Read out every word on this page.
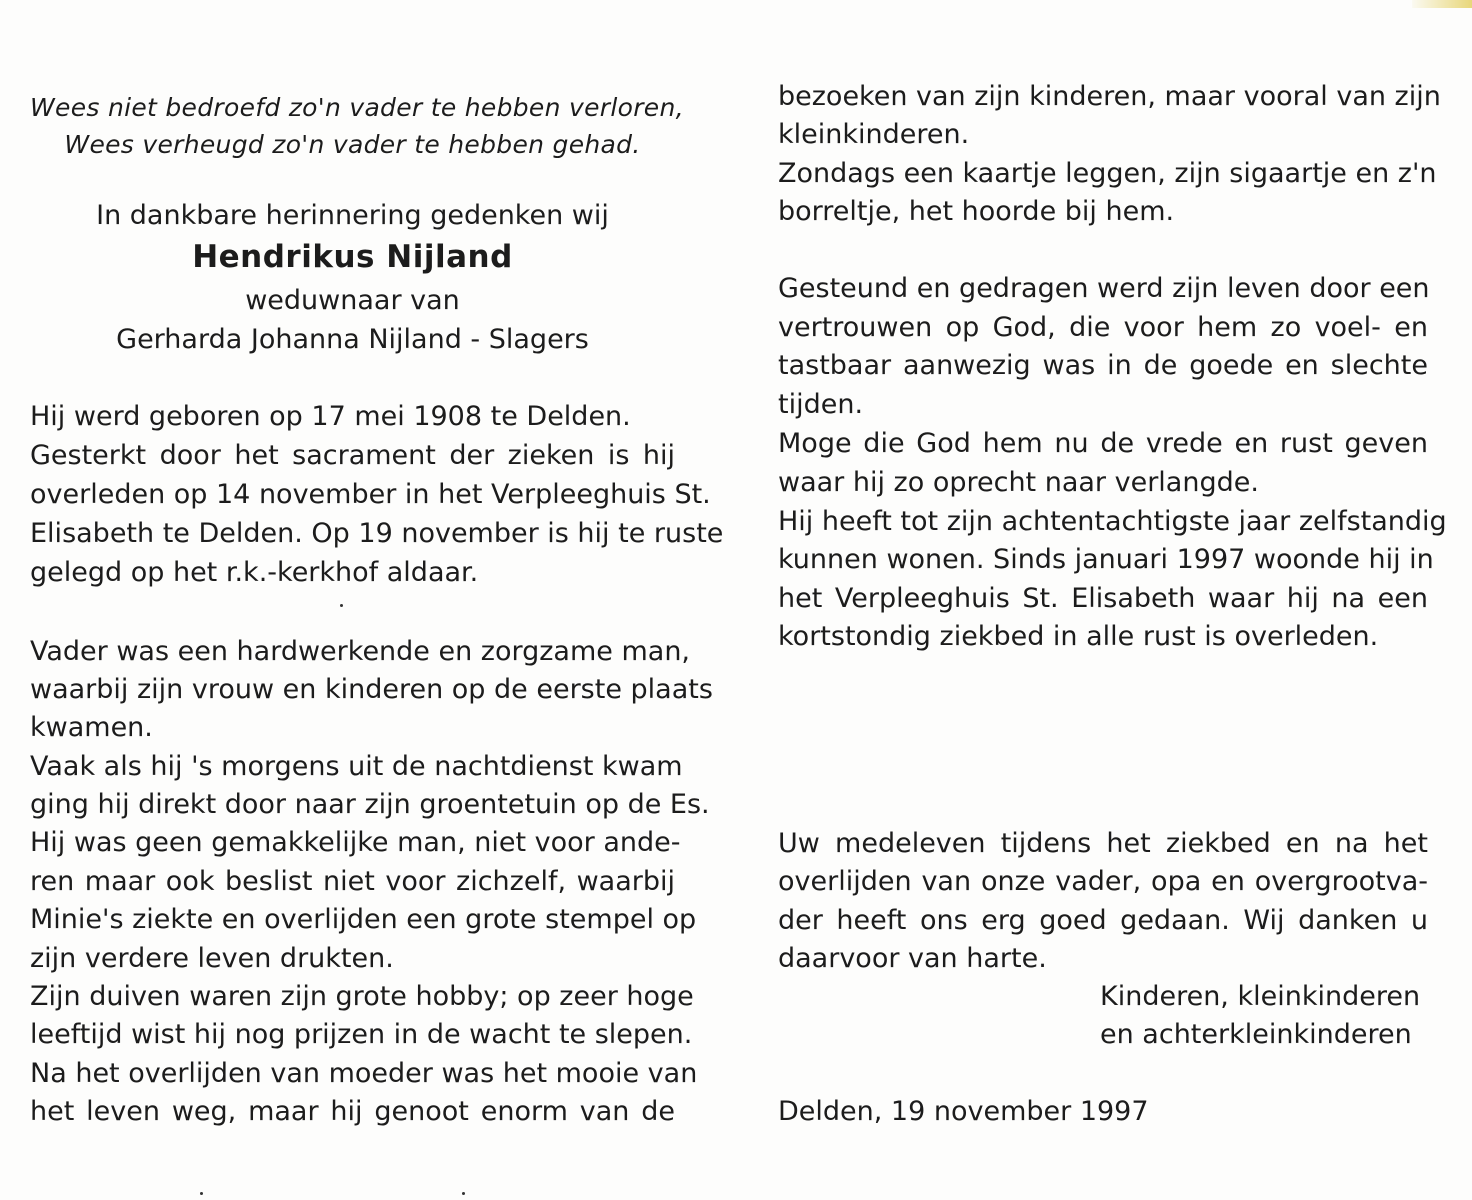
Wees niet bedroefd zo'n vader te hebben verloren,
Wees verheugd zo'n vader te hebben gehad.
In dankbare herinnering gedenken wij
Hendrikus Nijland
weduwnaar van
Gerharda Johanna Nijland - Slagers
Hij werd geboren op 17 mei 1908 te Delden.
Gesterkt door het sacrament der zieken is hij
overleden op 14 november in het Verpleeghuis St.
Elisabeth te Delden. Op 19 november is hij te ruste
gelegd op het r.k.-kerkhof aldaar.
Vader was een hardwerkende en zorgzame man,
waarbij zijn vrouw en kinderen op de eerste plaats
kwamen.
Vaak als hij 's morgens uit de nachtdienst kwam
ging hij direkt door naar zijn groentetuin op de Es.
Hij was geen gemakkelijke man, niet voor ande-
ren maar ook beslist niet voor zichzelf, waarbij
Minie's ziekte en overlijden een grote stempel op
zijn verdere leven drukten.
Zijn duiven waren zijn grote hobby; op zeer hoge
leeftijd wist hij nog prijzen in de wacht te slepen.
Na het overlijden van moeder was het mooie van
het leven weg, maar hij genoot enorm van de
bezoeken van zijn kinderen, maar vooral van zijn
kleinkinderen.
Zondags een kaartje leggen, zijn sigaartje en z'n
borreltje, het hoorde bij hem.
Gesteund en gedragen werd zijn leven door een
vertrouwen op God, die voor hem zo voel- en
tastbaar aanwezig was in de goede en slechte
tijden.
Moge die God hem nu de vrede en rust geven
waar hij zo oprecht naar verlangde.
Hij heeft tot zijn achtentachtigste jaar zelfstandig
kunnen wonen. Sinds januari 1997 woonde hij in
het Verpleeghuis St. Elisabeth waar hij na een
kortstondig ziekbed in alle rust is overleden.
Uw medeleven tijdens het ziekbed en na het
overlijden van onze vader, opa en overgrootva-
der heeft ons erg goed gedaan. Wij danken u
daarvoor van harte.
Kinderen, kleinkinderen
en achterkleinkinderen
Delden, 19 november 1997
